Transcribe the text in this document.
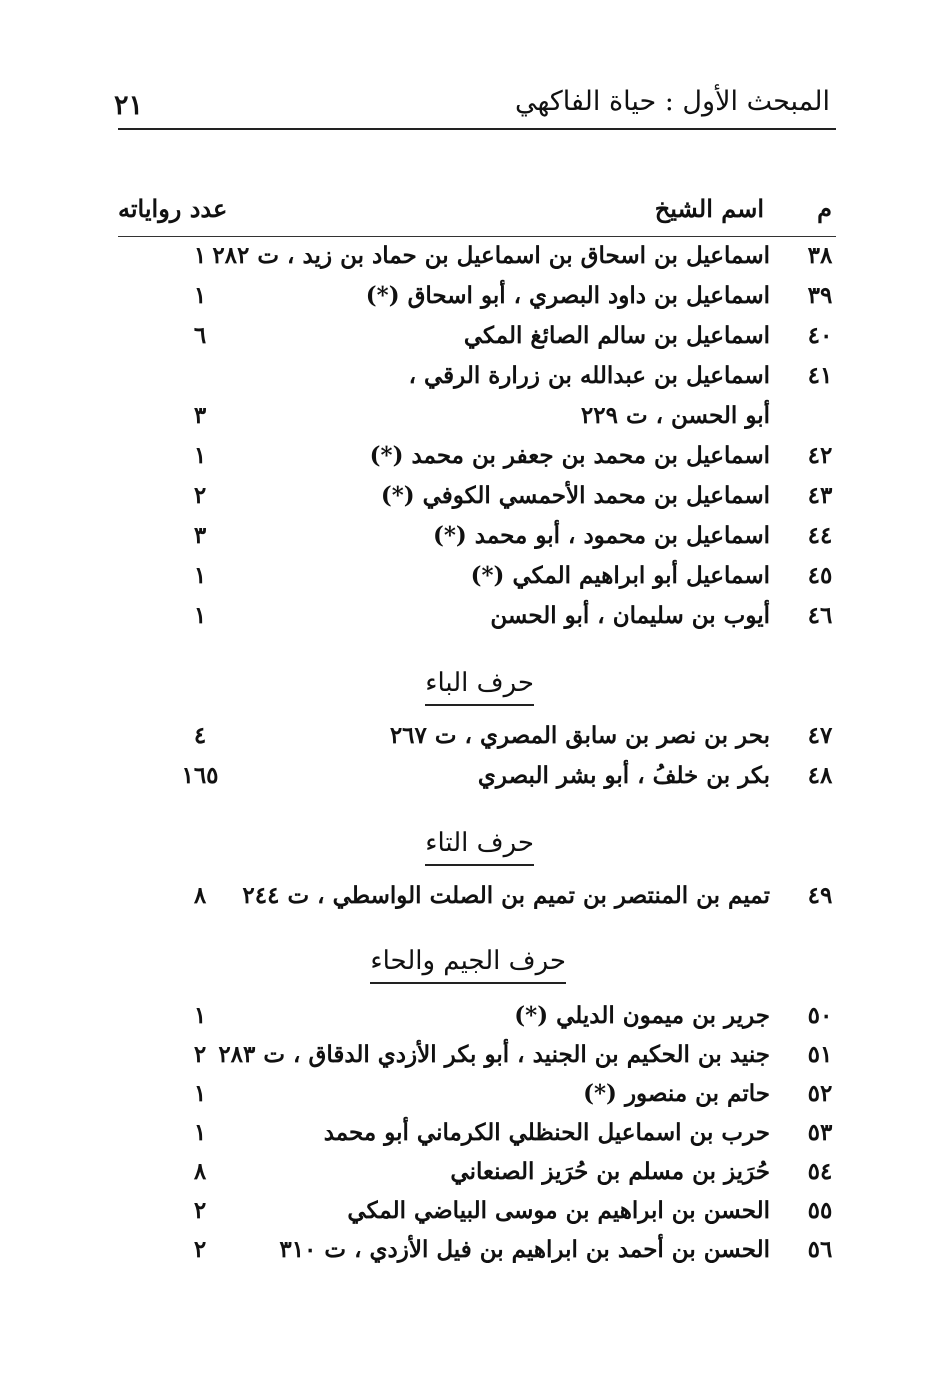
المبحث الأول : حياة الفاكهي
٢١
م
اسم الشيخ
عدد رواياته
٣٨
اسماعيل بن اسحاق بن اسماعيل بن حماد بن زيد ، ت ٢٨٢
١
٣٩
اسماعيل بن داود البصري ، أبو اسحاق (*)
١
٤٠
اسماعيل بن سالم الصائغ المكي
٦
٤١
اسماعيل بن عبدالله بن زرارة الرقي ،
أبو الحسن ، ت ٢٢٩
٣
٤٢
اسماعيل بن محمد بن جعفر بن محمد (*)
١
٤٣
اسماعيل بن محمد الأحمسي الكوفي (*)
٢
٤٤
اسماعيل بن محمود ، أبو محمد (*)
٣
٤٥
اسماعيل أبو ابراهيم المكي (*)
١
٤٦
أيوب بن سليمان ، أبو الحسن
١
حرف الباء
٤٧
بحر بن نصر بن سابق المصري ، ت ٢٦٧
٤
٤٨
بكر بن خلفُ ، أبو بشر البصري
١٦٥
حرف التاء
٤٩
تميم بن المنتصر بن تميم بن الصلت الواسطي ، ت ٢٤٤
٨
حرف الجيم والحاء
٥٠
جرير بن ميمون الديلي (*)
١
٥١
جنيد بن الحكيم بن الجنيد ، أبو بكر الأزدي الدقاق ، ت ٢٨٣
٢
٥٢
حاتم بن منصور (*)
١
٥٣
حرب بن اسماعيل الحنظلي الكرماني أبو محمد
١
٥٤
حُرَيز بن مسلم بن حُرَيز الصنعاني
٨
٥٥
الحسن بن ابراهيم بن موسى البياضي المكي
٢
٥٦
الحسن بن أحمد بن ابراهيم بن فيل الأزدي ، ت ٣١٠
٢
